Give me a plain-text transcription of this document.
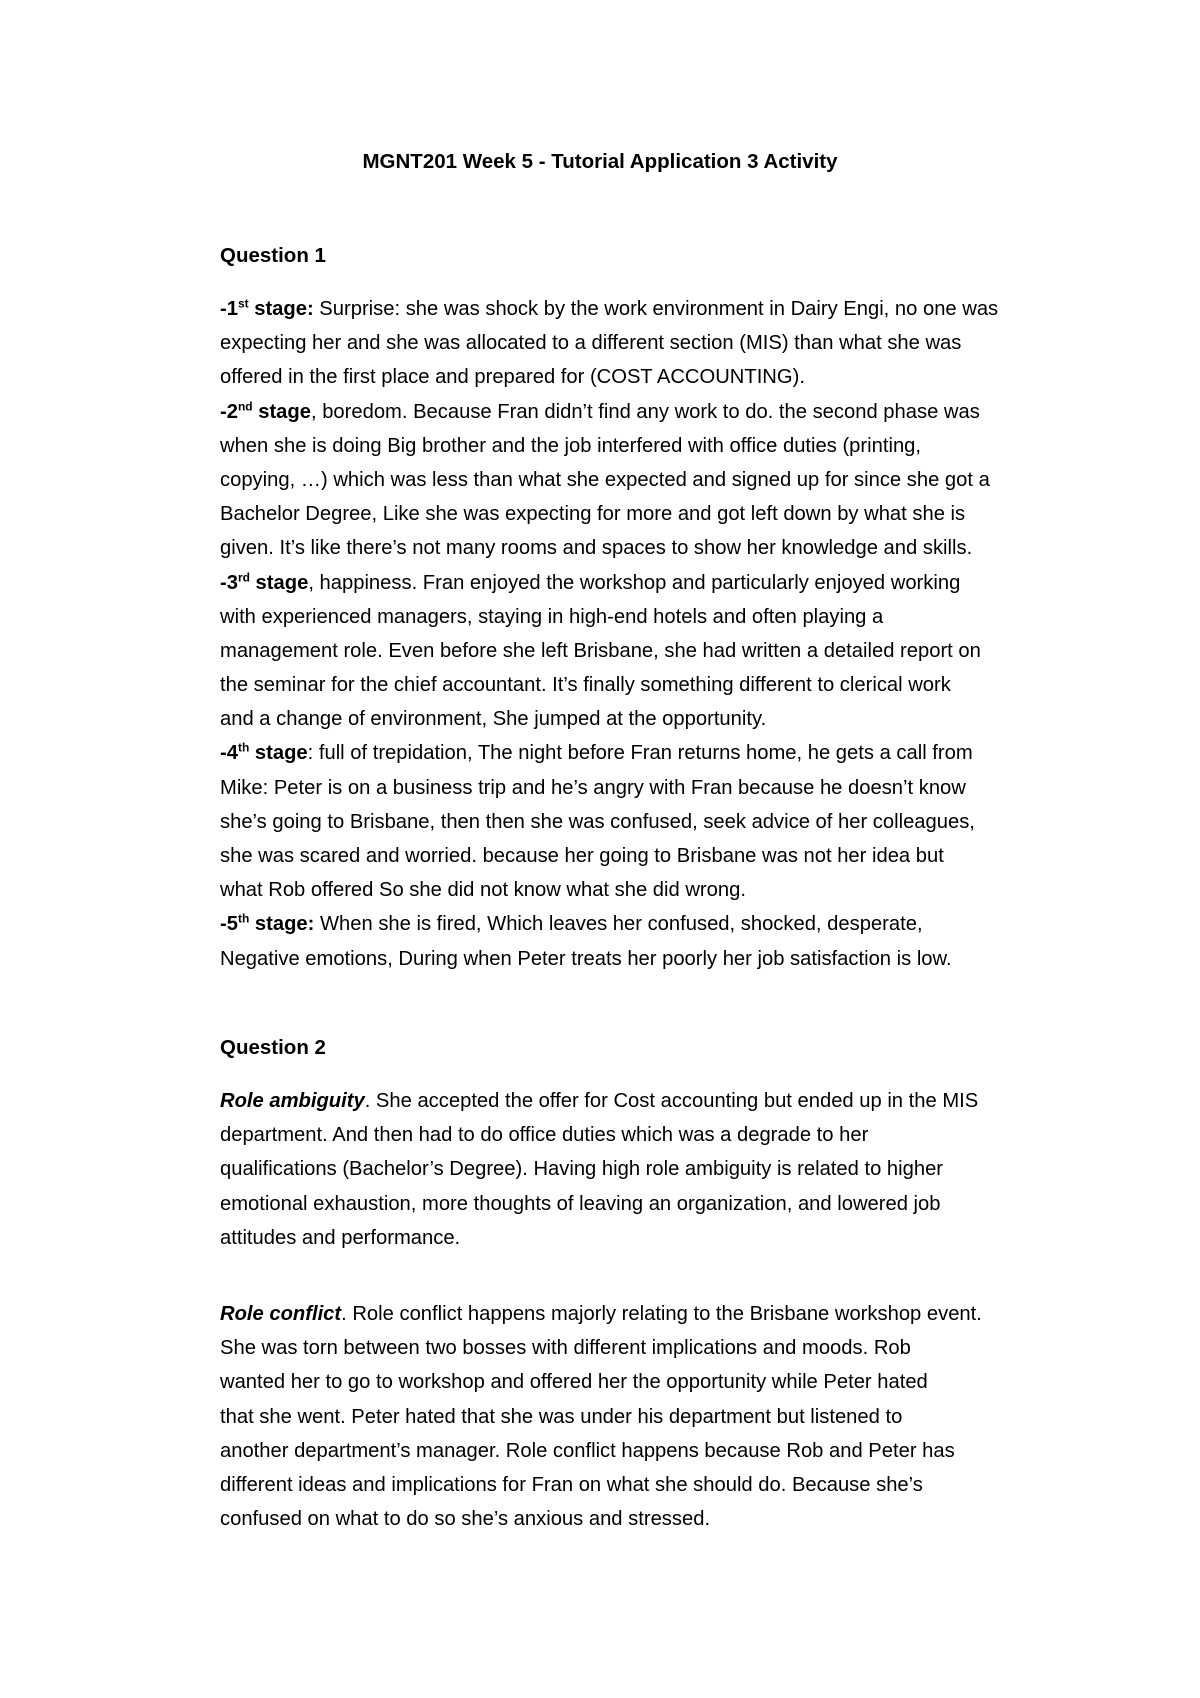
MGNT201 Week 5 - Tutorial Application 3 Activity
Question 1
-1st stage: Surprise: she was shock by the work environment in Dairy Engi, no one was
expecting her and she was allocated to a different section (MIS) than what she was
offered in the first place and prepared for (COST ACCOUNTING).
-2nd stage, boredom. Because Fran didn’t find any work to do. the second phase was
when she is doing Big brother and the job interfered with office duties (printing,
copying, …) which was less than what she expected and signed up for since she got a
Bachelor Degree, Like she was expecting for more and got left down by what she is
given. It’s like there’s not many rooms and spaces to show her knowledge and skills.
-3rd stage, happiness. Fran enjoyed the workshop and particularly enjoyed working
with experienced managers, staying in high-end hotels and often playing a
management role. Even before she left Brisbane, she had written a detailed report on
the seminar for the chief accountant. It’s finally something different to clerical work
and a change of environment, She jumped at the opportunity.
-4th stage: full of trepidation, The night before Fran returns home, he gets a call from
Mike: Peter is on a business trip and he’s angry with Fran because he doesn’t know
she’s going to Brisbane, then then she was confused, seek advice of her colleagues,
she was scared and worried. because her going to Brisbane was not her idea but
what Rob offered So she did not know what she did wrong.
-5th stage: When she is fired, Which leaves her confused, shocked, desperate,
Negative emotions, During when Peter treats her poorly her job satisfaction is low.
Question 2
Role ambiguity. She accepted the offer for Cost accounting but ended up in the MIS
department. And then had to do office duties which was a degrade to her
qualifications (Bachelor’s Degree). Having high role ambiguity is related to higher
emotional exhaustion, more thoughts of leaving an organization, and lowered job
attitudes and performance.
Role conflict. Role conflict happens majorly relating to the Brisbane workshop event.
She was torn between two bosses with different implications and moods. Rob
wanted her to go to workshop and offered her the opportunity while Peter hated
that she went. Peter hated that she was under his department but listened to
another department’s manager. Role conflict happens because Rob and Peter has
different ideas and implications for Fran on what she should do. Because she’s
confused on what to do so she’s anxious and stressed.
